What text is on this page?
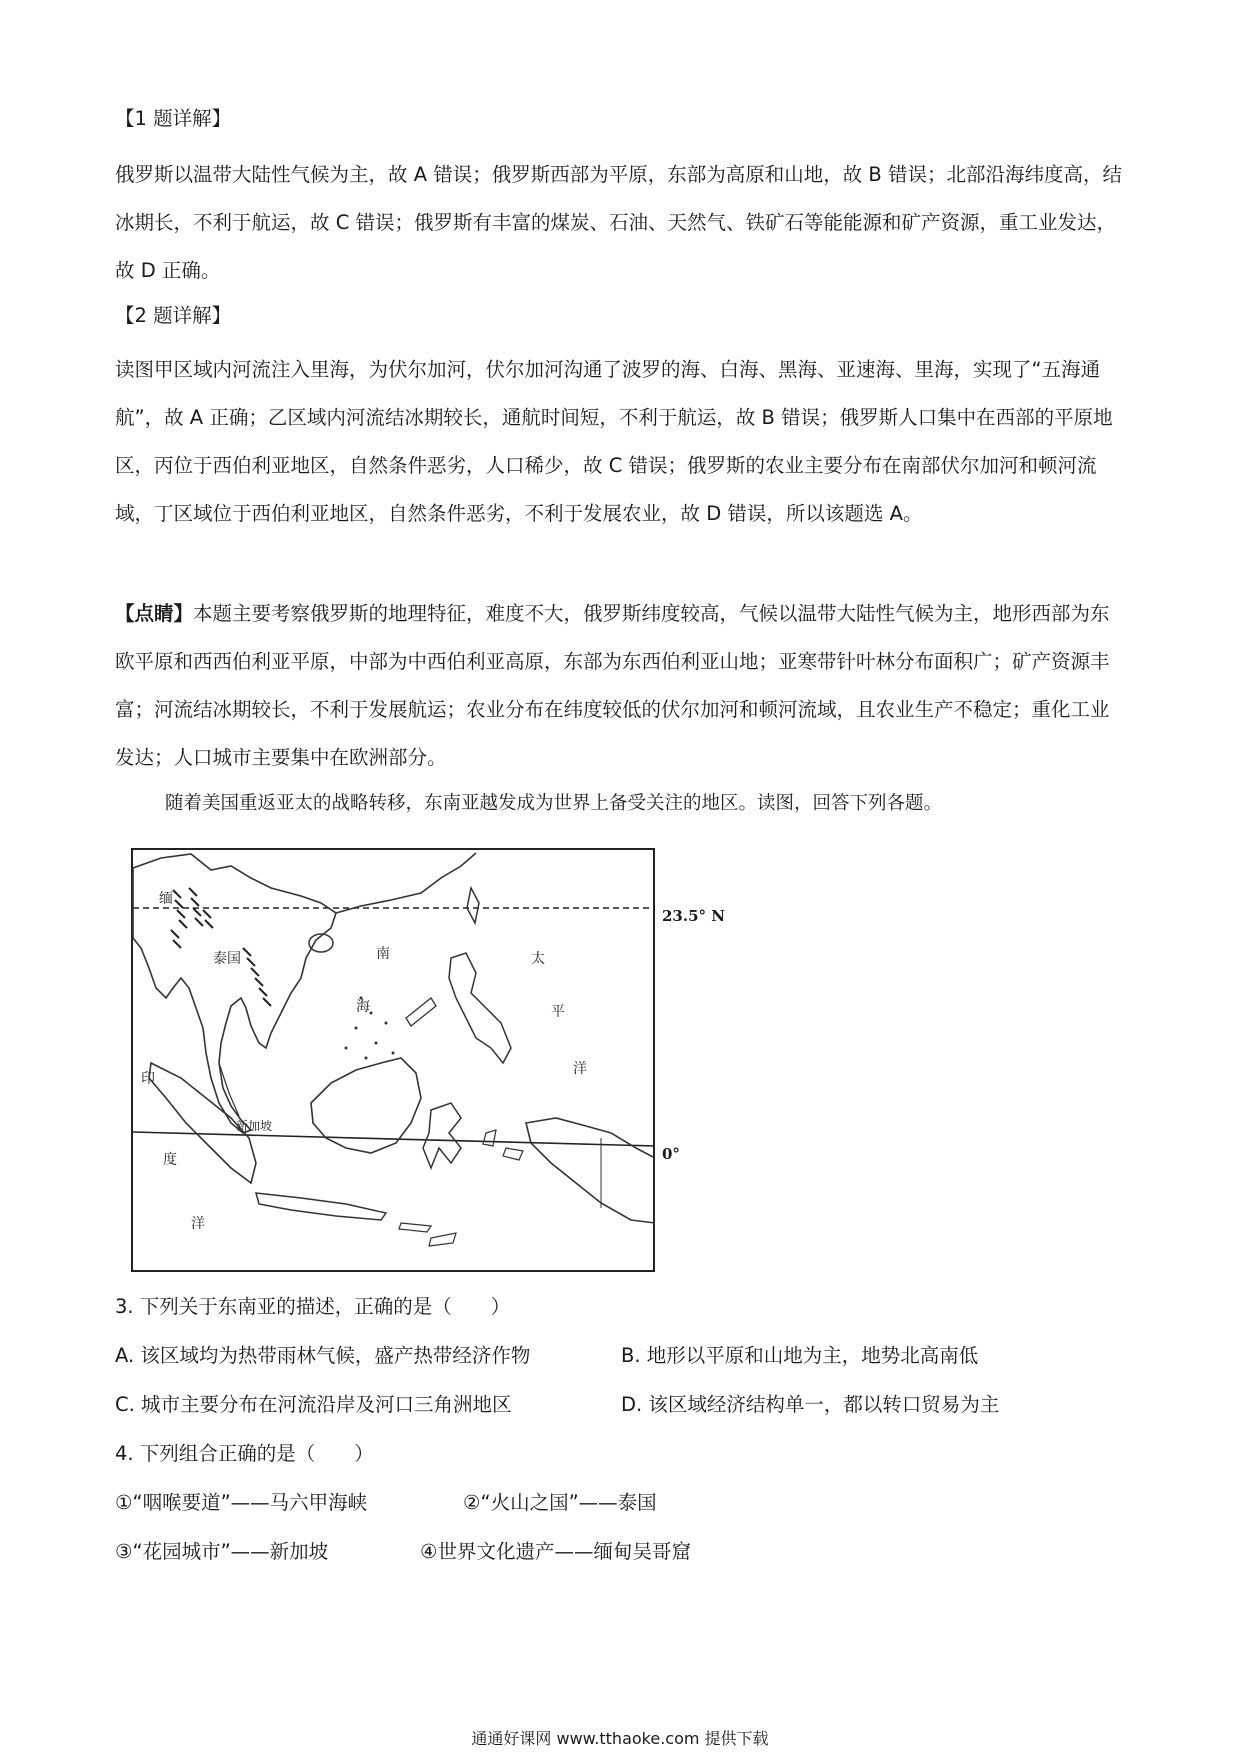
【1 题详解】

俄罗斯以温带大陆性气候为主，故 A 错误；俄罗斯西部为平原，东部为高原和山地，故 B 错误；北部沿海纬度高，结冰期长，不利于航运，故 C 错误；俄罗斯有丰富的煤炭、石油、天然气、铁矿石等能能源和矿产资源，重工业发达，故 D 正确。

【2 题详解】

读图甲区域内河流注入里海，为伏尔加河，伏尔加河沟通了波罗的海、白海、黑海、亚速海、里海，实现了“五海通航”，故 A 正确；乙区域内河流结冰期较长，通航时间短，不利于航运，故 B 错误；俄罗斯人口集中在西部的平原地区，丙位于西伯利亚地区，自然条件恶劣，人口稀少，故 C 错误；俄罗斯的农业主要分布在南部伏尔加河和顿河流域，丁区域位于西伯利亚地区，自然条件恶劣，不利于发展农业，故 D 错误，所以该题选 A。

【点睛】本题主要考察俄罗斯的地理特征，难度不大，俄罗斯纬度较高，气候以温带大陆性气候为主，地形西部为东欧平原和西西伯利亚平原，中部为中西伯利亚高原，东部为东西伯利亚山地；亚寒带针叶林分布面积广；矿产资源丰富；河流结冰期较长，不利于发展航运；农业分布在纬度较低的伏尔加河和顿河流域，且农业生产不稳定；重化工业发达；人口城市主要集中在欧洲部分。

随着美国重返亚太的战略转移，东南亚越发成为世界上备受关注的地区。读图，回答下列各题。
缅
泰国
新加坡
南
海
太
平
洋
印
度
洋
23.5° N
0°
3. 下列关于东南亚的描述，正确的是（　　）
A. 该区域均为热带雨林气候，盛产热带经济作物	B. 地形以平原和山地为主，地势北高南低
C. 城市主要分布在河流沿岸及河口三角洲地区	D. 该区域经济结构单一，都以转口贸易为主
4. 下列组合正确的是（　　）
①“咽喉要道”——马六甲海峡	②“火山之国”——泰国
③“花园城市”——新加坡	④世界文化遗产——缅甸吴哥窟
通通好课网 www.tthaoke.com 提供下载
